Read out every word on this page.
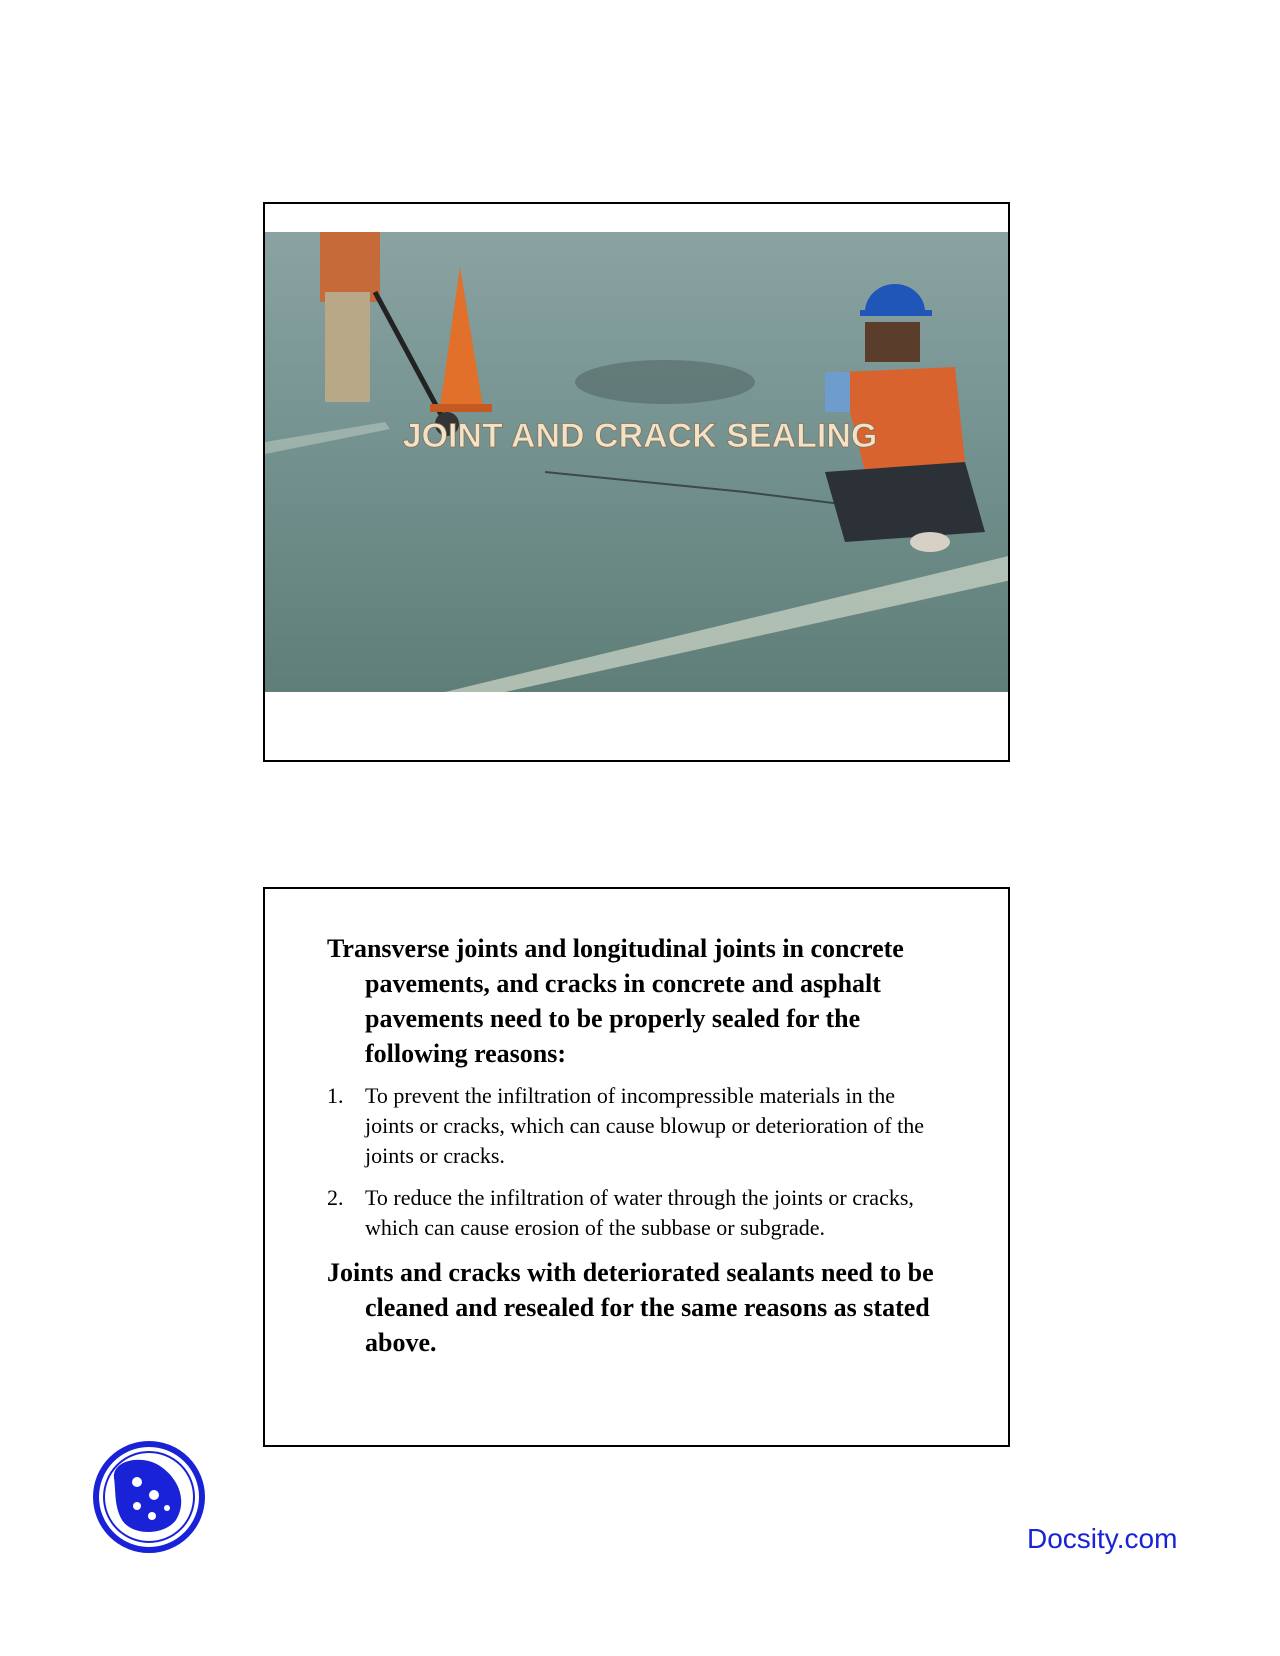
JOINT AND CRACK SEALING

Transverse joints and longitudinal joints in concrete pavements, and cracks in concrete and asphalt pavements need to be properly sealed for the following reasons:

1. To prevent the infiltration of incompressible materials in the joints or cracks, which can cause blowup or deterioration of the joints or cracks.
2. To reduce the infiltration of water through the joints or cracks, which can cause erosion of the subbase or subgrade.

Joints and cracks with deteriorated sealants need to be cleaned and resealed for the same reasons as stated above.

Docsity.com
